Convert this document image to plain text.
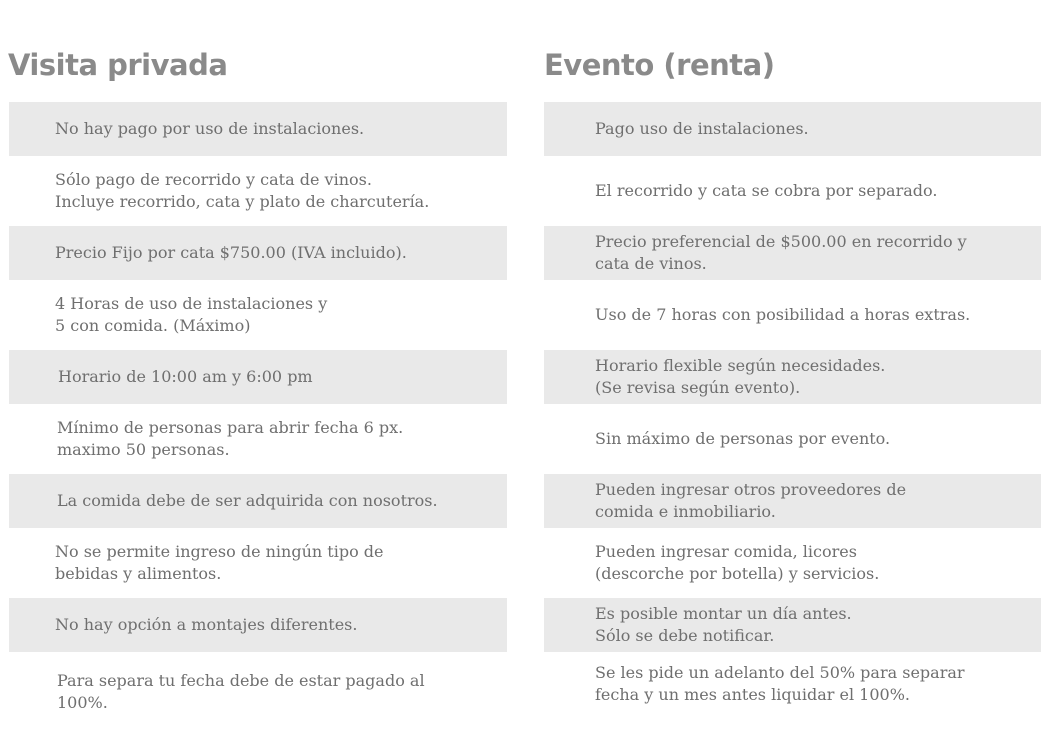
Visita privada
No hay pago por uso de instalaciones.
Sólo pago de recorrido y cata de vinos.
Incluye recorrido, cata y plato de charcutería.
Precio Fijo por cata $750.00 (IVA incluido).
4 Horas de uso de instalaciones y
5 con comida. (Máximo)
Horario de 10:00 am y 6:00 pm
Mínimo de personas para abrir fecha 6 px.
maximo 50 personas.
La comida debe de ser adquirida con nosotros.
No se permite ingreso de ningún tipo de
bebidas y alimentos.
No hay opción a montajes diferentes.
Para separa tu fecha debe de estar pagado al
100%.
Evento (renta)
Pago uso de instalaciones.
El recorrido y cata se cobra por separado.
Precio preferencial de $500.00 en recorrido y
cata de vinos.
Uso de 7 horas con posibilidad a horas extras.
Horario flexible según necesidades.
(Se revisa según evento).
Sin máximo de personas por evento.
Pueden ingresar otros proveedores de
comida e inmobiliario.
Pueden ingresar comida, licores
(descorche por botella) y servicios.
Es posible montar un día antes.
Sólo se debe notificar.
Se les pide un adelanto del 50% para separar
fecha y un mes antes liquidar el 100%.
